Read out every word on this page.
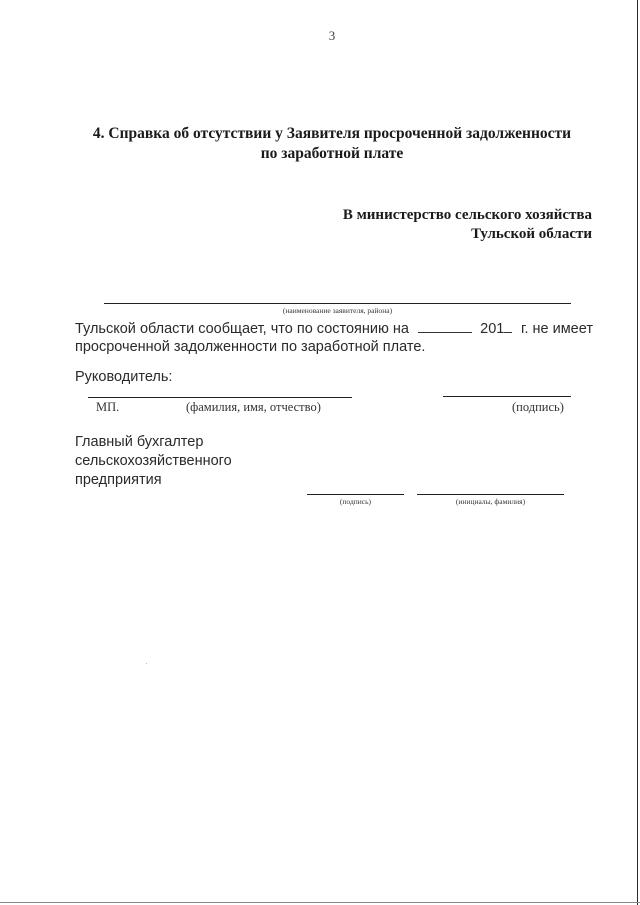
3
4. Справка об отсутствии у Заявителя просроченной задолженности
по заработной плате
В министерство сельского хозяйства
Тульской области
(наименование заявителя, района)
Тульской области сообщает, что по состоянию на	201	г. не имеет
просроченной задолженности по заработной плате.
Руководитель:
МП.	(фамилия, имя, отчество)	(подпись)
Главный бухгалтер
сельскохозяйственного
предприятия
(подпись)	(инициалы, фамилия)
